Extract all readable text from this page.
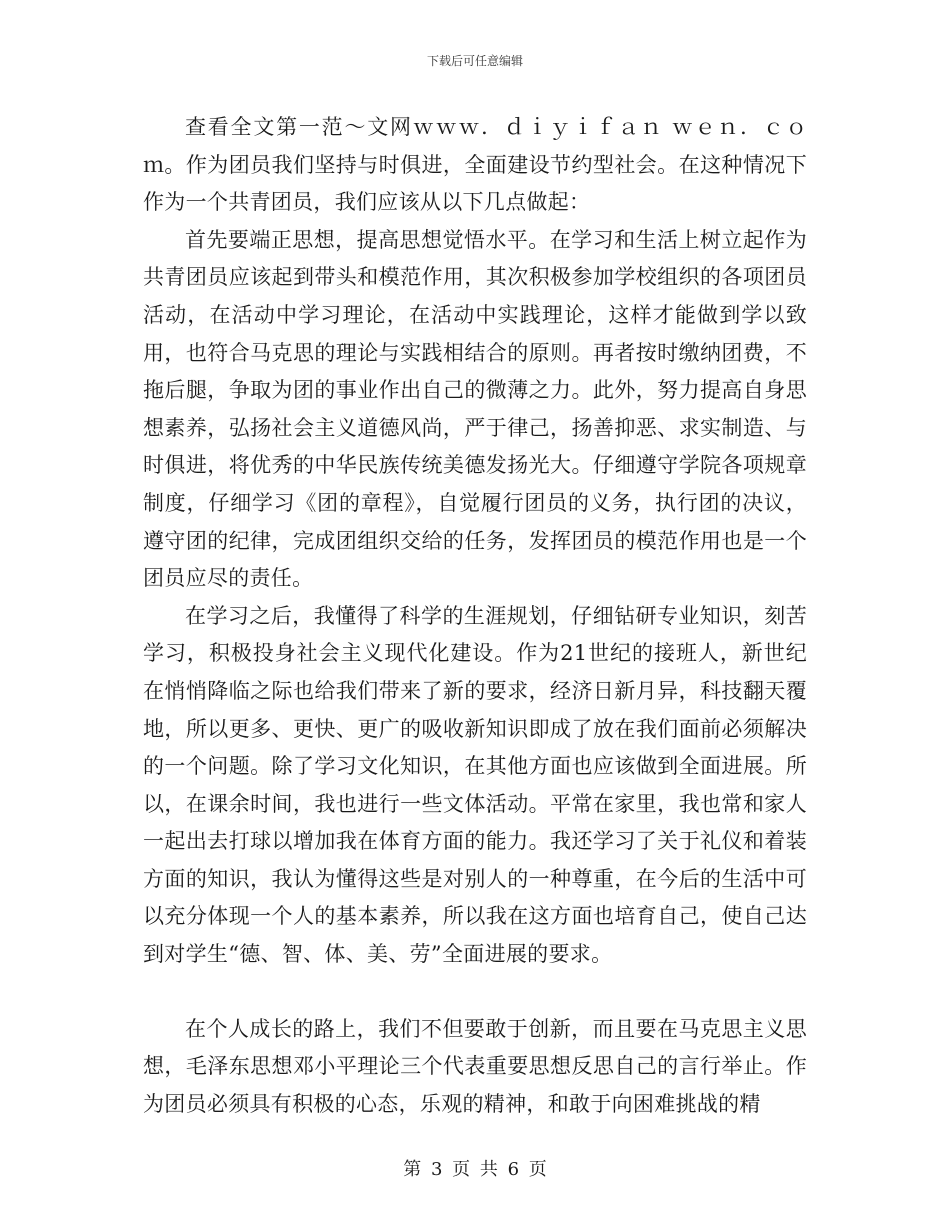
下载后可任意编辑

查看全文第一范～文网ｗｗｗ．ｄｉｙｉｆａｎ ｗｅｎ．ｃｏｍ。作为团员我们坚持与时俱进，全面建设节约型社会。在这种情况下作为一个共青团员，我们应该从以下几点做起：

首先要端正思想，提高思想觉悟水平。在学习和生活上树立起作为共青团员应该起到带头和模范作用，其次积极参加学校组织的各项团员活动，在活动中学习理论，在活动中实践理论，这样才能做到学以致用，也符合马克思的理论与实践相结合的原则。再者按时缴纳团费，不拖后腿，争取为团的事业作出自己的微薄之力。此外，努力提高自身思想素养，弘扬社会主义道德风尚，严于律己，扬善抑恶、求实制造、与时俱进，将优秀的中华民族传统美德发扬光大。仔细遵守学院各项规章制度，仔细学习《团的章程》，自觉履行团员的义务，执行团的决议，遵守团的纪律，完成团组织交给的任务，发挥团员的模范作用也是一个团员应尽的责任。

在学习之后，我懂得了科学的生涯规划，仔细钻研专业知识，刻苦学习，积极投身社会主义现代化建设。作为21世纪的接班人，新世纪在悄悄降临之际也给我们带来了新的要求，经济日新月异，科技翻天覆地，所以更多、更快、更广的吸收新知识即成了放在我们面前必须解决的一个问题。除了学习文化知识，在其他方面也应该做到全面进展。所以，在课余时间，我也进行一些文体活动。平常在家里，我也常和家人一起出去打球以增加我在体育方面的能力。我还学习了关于礼仪和着装方面的知识，我认为懂得这些是对别人的一种尊重，在今后的生活中可以充分体现一个人的基本素养，所以我在这方面也培育自己，使自己达到对学生“德、智、体、美、劳”全面进展的要求。

在个人成长的路上，我们不但要敢于创新，而且要在马克思主义思想，毛泽东思想邓小平理论三个代表重要思想反思自己的言行举止。作为团员必须具有积极的心态，乐观的精神，和敢于向困难挑战的精

第 3 页 共 6 页
